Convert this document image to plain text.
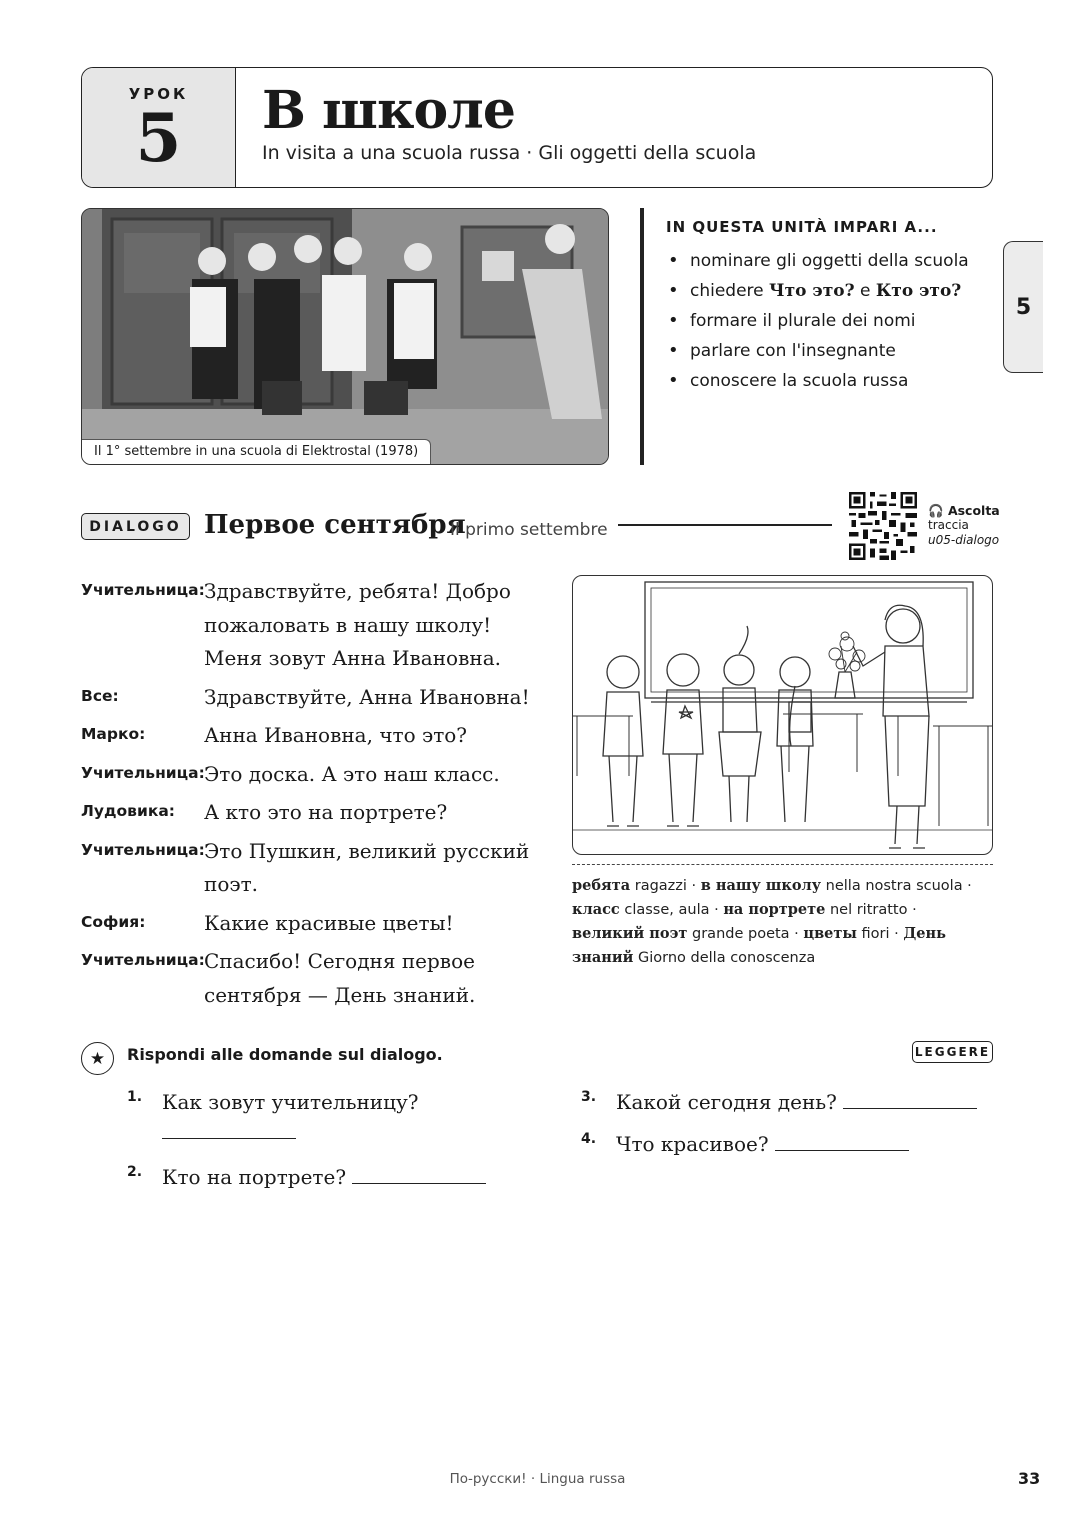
УРОК
5 В школе
In visita a una scuola russa · Gli oggetti della scuola
Il 1° settembre in una scuola di Elektrostal (1978)
IN QUESTA UNITÀ IMPARI A...
• nominare gli oggetti della scuola
• chiedere Что это? e Кто это?
• formare il plurale dei nomi
• parlare con l'insegnante
• conoscere la scuola russa
5
DIALOGO Первое сентября
Il primo settembre
🎧 Ascolta
traccia
u05-dialogo
Учительница: Здравствуйте, ребята! Добро пожаловать в нашу школу! Меня зовут Анна Ивановна.
Все:	Здравствуйте, Анна Ивановна!
Марко:	Анна Ивановна, что это?
Учительница: Это доска. А это наш класс.
Лудовика:	А кто это на портрете?
Учительница: Это Пушкин, великий русский поэт.
София:	Какие красивые цветы!
Учительница: Спасибо! Сегодня первое сентября — День знаний.
ребята ragazzi · в нашу школу nella nostra scuola · класс classe, aula · на портрете nel ritratto · великий поэт grande poeta · цветы fiori · День знаний Giorno della conoscenza
★	Rispondi alle domande sul dialogo.	LEGGERE
1. Как зовут учительницу?

2. Кто на портрете?
3. Какой сегодня день?
4. Что красивое?
По-русски! · Lingua russa	33
